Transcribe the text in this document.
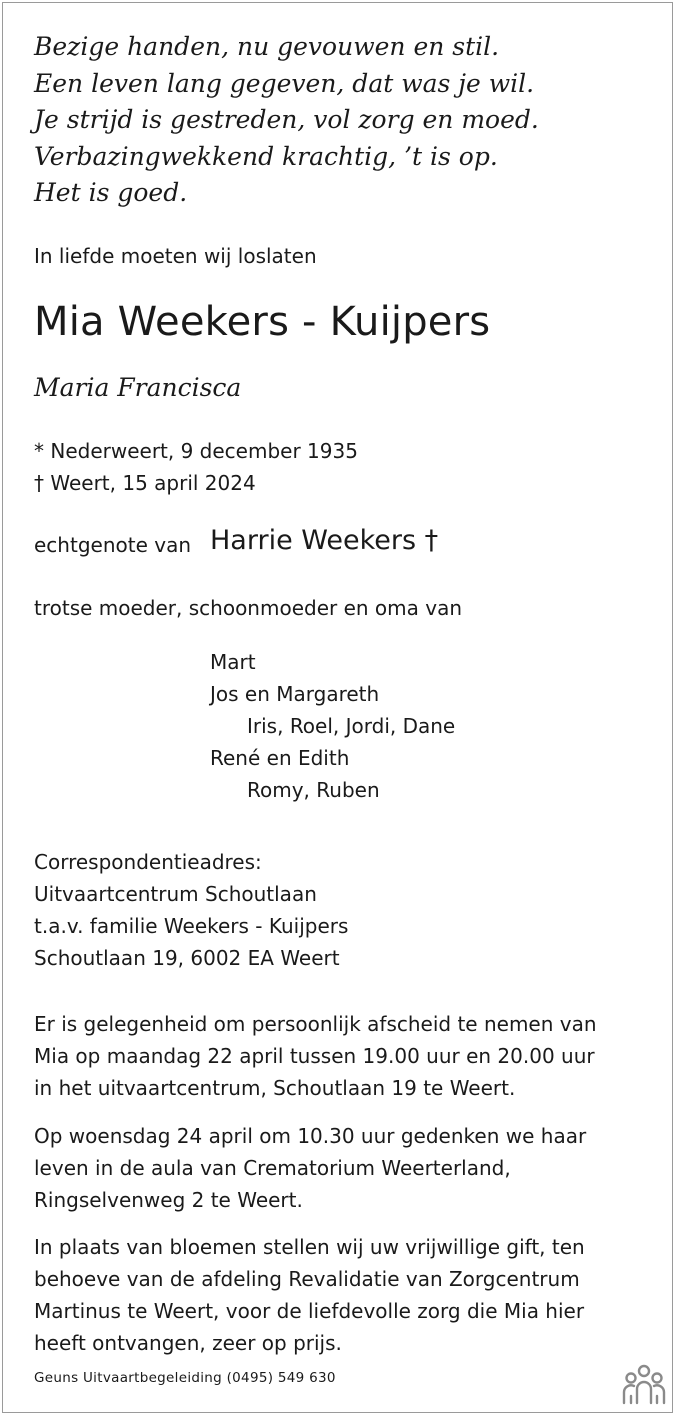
Bezige handen, nu gevouwen en stil.
Een leven lang gegeven, dat was je wil.
Je strijd is gestreden, vol zorg en moed.
Verbazingwekkend krachtig, ’t is op.
Het is goed.
In liefde moeten wij loslaten
Mia Weekers - Kuijpers
Maria Francisca
* Nederweert, 9 december 1935
† Weert, 15 april 2024
echtgenote van Harrie Weekers †
trotse moeder, schoonmoeder en oma van
Mart
Jos en Margareth
Iris, Roel, Jordi, Dane
René en Edith
Romy, Ruben
Correspondentieadres:
Uitvaartcentrum Schoutlaan
t.a.v. familie Weekers - Kuijpers
Schoutlaan 19, 6002 EA Weert
Er is gelegenheid om persoonlijk afscheid te nemen van
Mia op maandag 22 april tussen 19.00 uur en 20.00 uur
in het uitvaartcentrum, Schoutlaan 19 te Weert.
Op woensdag 24 april om 10.30 uur gedenken we haar
leven in de aula van Crematorium Weerterland,
Ringselvenweg 2 te Weert.
In plaats van bloemen stellen wij uw vrijwillige gift, ten
behoeve van de afdeling Revalidatie van Zorgcentrum
Martinus te Weert, voor de liefdevolle zorg die Mia hier
heeft ontvangen, zeer op prijs.
Geuns Uitvaartbegeleiding (0495) 549 630
